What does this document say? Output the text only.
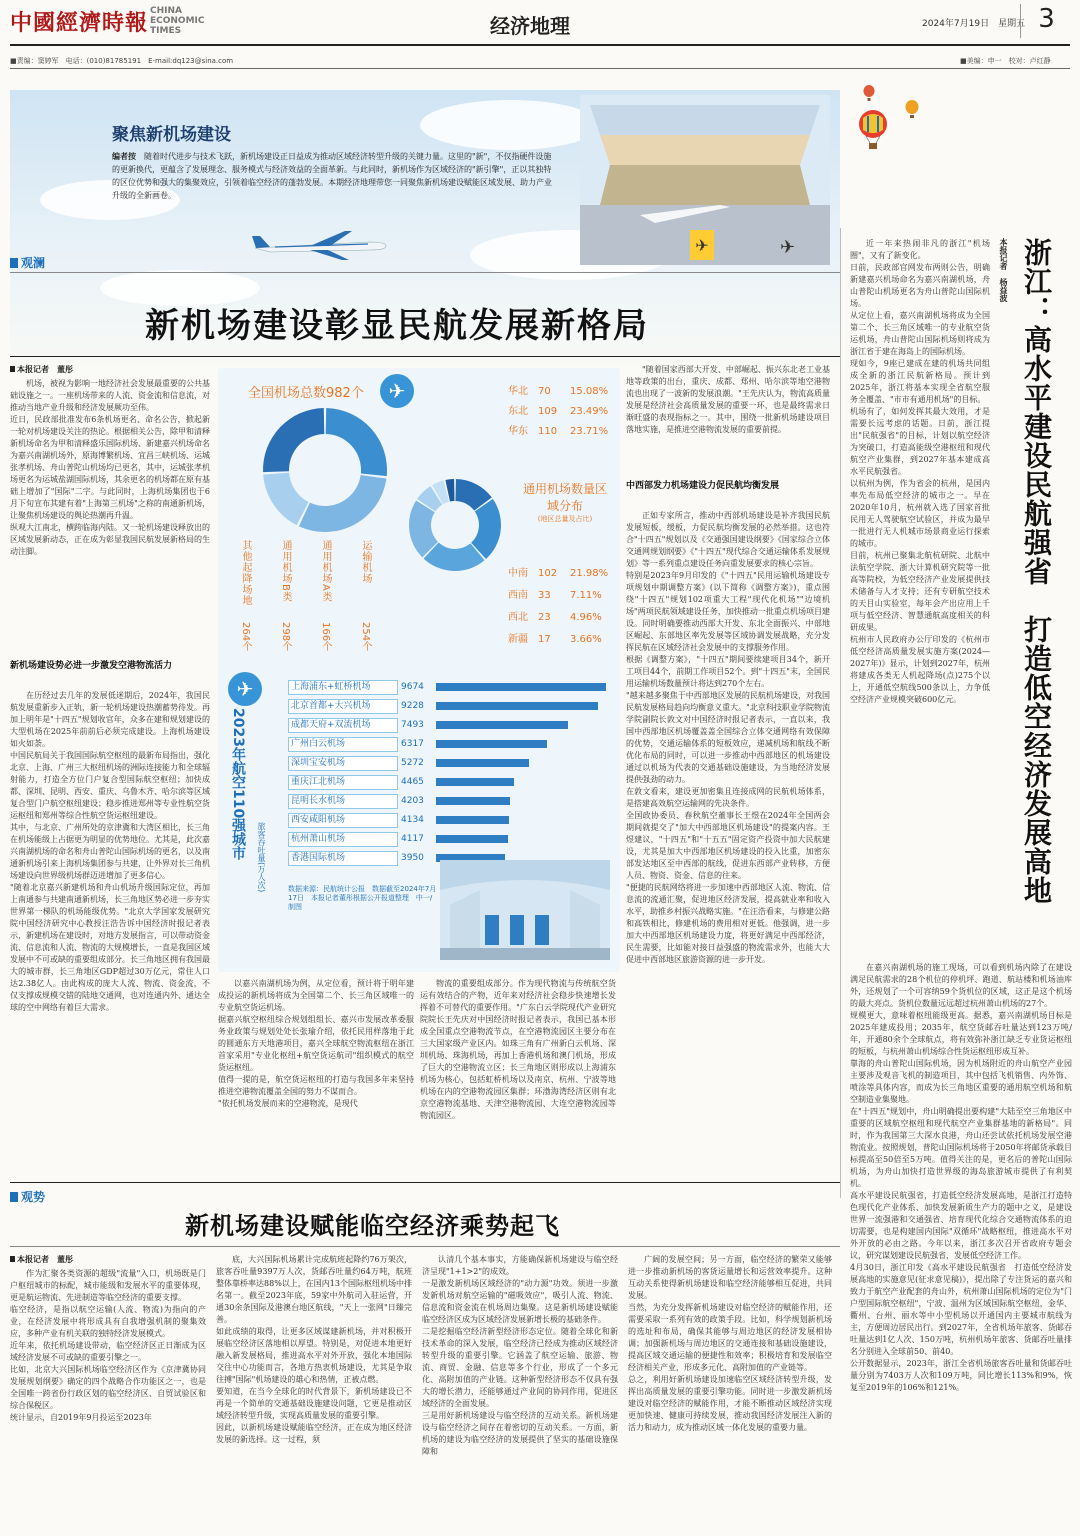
中國經濟時報 CHINA
ECONOMIC
TIMES	经济地理	2024年7月19日　星期五 3
■责编：窦婷军　电话：(010)81785191　E-mail:dq123@sina.com	■美编：申一　校对：卢红静
聚焦新机场建设
编者按　 随着时代进步与技术飞跃，新机场建设正日益成为推动区域经济转型升级的关键力量。这里的"新"，不仅指硬件设施的更新换代，更蕴含了发展理念、服务模式与经济效益的全面革新。与此同时，新机场作为区域经济的"新引擎"，正以其独特的区位优势和强大的集聚效应，引领着临空经济的蓬勃发展。本期经济地理带您一同聚焦新机场建设赋能区域发展、助力产业升级的全新画卷。
✈	✈
观澜
新机场建设彰显民航发展新格局
本报记者　董彤
机场，被视为影响一地经济社会发展最重要的公共基础设施之一。一座机场带来的人流、资金流和信息流，对推动当地产业升级和经济发展厥功至伟。
近日，民政部批准发布6条机场更名、命名公告，掀起新一轮对机场建设关注的热论。根据相关公告，除甲和清释新机场命名为甲和清释盛乐国际机场、新建嘉兴机场命名为嘉兴南湖机场外，原海博繁机场、宜昌三峡机场、运城张孝机场、舟山普陀山机场均已更名，其中，运城张孝机场更名为运城盐湖国际机场，其余更名的机场都在原有基础上增加了"国际"二字。与此同时，上海机场集团也于6月下旬宣布其建有着"上海第三机场"之称的南通新机场，让聚焦机场建设的舆论热潮再升温。
纵观大江南北，横跨临海内陆。又一轮机场建设释放出的区域发展新动态，正在成为彰显我国民航发展新格局的生动注脚。
新机场建设势必进一步激发空港物流活力
在历经过去几年的发展低迷期后，2024年，我国民航发展重新步入正轨，新一轮机场建设热潮蓄势待发。再加上明年是"十四五"规划收官年，众多在建和规划建设的大型机场在2025年前前后必须完成建设。上海机场建设如火如荼。
中国民航局关于我国国际航空枢纽的最新布局指出，强化北京、上海、广州三大枢纽机场的洲际连接能力和全球辐射能力，打造全方位门户复合型国际航空枢纽；加快成都、深圳、昆明、西安、重庆、乌鲁木齐、哈尔滨等区域复合型门户航空枢纽建设；稳步推进郑州等专业性航空货运枢纽和郑州等综合性航空货运枢纽建设。
其中，与北京、广州所处的京津冀和大湾区相比，长三角在机场能级上占据更为明显的优势地位。尤其是，此次嘉兴南湖机场的命名和舟山普陀山国际机场的更名，以及南通新机场引来上海机场集团参与共建，让外界对长三角机场建设向世界级机场群迈进增加了更多信心。
"随着北京嘉兴新建机场和舟山机场升级国际定位，再加上南通参与共建南通新机场，长三角地区势必进一步夯实世界第一梯队的机场能级优势。"北京大学国家发展研究院中国经济研究中心教授汪浩告诉中国经济时报记者表示，新建机场在建设时，对地方发展指言，可以带动资金流、信息流和人流、物流的大规模增长，一直是我国区域发展中不可或缺的重要组成部分。长三角地区拥有我国最大的城市群，长三角地区GDP超过30万亿元，常住人口达2.38亿人。由此构成的庞大人流、物流、资金流，不仅支撑成规模交错的陆地交通网，也对连通内外、通达全球的空中网络有着巨大需求。
以嘉兴南湖机场为例，从定位看，预计将于明年建成投运的新机场将成为全国第二个、长三角区域唯一的专业航空货运机场。
据嘉兴航空枢纽综合规划组组长、嘉兴市发展改革委服务业政策与规划处处长张瑜介绍，依托民用样落地于此的圆通东方天地港项目，嘉兴全球航空物流枢纽在浙江首家采用"专业化枢纽+航空货运航司"组织模式的航空货运枢纽。
值得一提的是，航空货运枢纽的打造与我国多年来坚持推进空港物流覆盖全国的努力不谋而合。
"依托机场发展而来的空港物流，是现代
物流的重要组成部分。作为现代物流与传统航空货运有效结合的产物，近年来对经济社会稳步快速增长发挥着不可替代的重要作用。"广东白云学院现代产业研究院院长王先庆对中国经济时报记者表示，我国已基本形成全国重点空港物流节点，在空港物流园区主要分布在三大国家级产业区内。如珠三角有广州新白云机场、深圳机场、珠海机场，再加上香港机场和澳门机场，形成了巨大的空港物流立区；长三角地区则形成以上海浦东机场为核心，包括虹桥机场以及南京、杭州、宁波等地机场在内的空港物流园区集群；环渤海湾经济区则有北京空港物流基地、天津空港物流园、大连空港物流园等物流园区。
"随着国家西部大开发、中部崛起、振兴东北老工业基地等政策的出台，重庆、成都、郑州、哈尔滨等地空港物流也出现了一波新的发展浪潮。"王先庆认为，物流高质量发展是经济社会高质量发展的重要一环，也是最终需求日渐旺盛的表现指标之一。其中，围绕一批新机场建设项目落地实施，是推进空港物流发展的重要前提。
中西部发力机场建设力促民航均衡发展
正如专家所言，推动中西部机场建设是补齐我国民航发展短板，缓板，力促民航均衡发展的必然举措。这也符合"十四五"规划以及《交通强国建设纲要》《国家综合立体交通网规划纲要》《"十四五"现代综合交通运输体系发展规划》等一系列重点建设任务向重发展要求的核心宗旨。
特别是2023年9月印发的《"十四五"民用运输机场建设专项规划中期调整方案》(以下简称《调整方案》)，重点围绕"十四五"规划102项重大工程"现代化机场""边境机场"两项民航领域建设任务，加快推动一批重点机场项目建设。同时明确要推动西部大开发、东北全面振兴、中部地区崛起、东部地区率先发展等区域协调发展战略，充分发挥民航在区域经济社会发展中的支撑服务作用。
根据《调整方案》，"十四五"期间要续建项目34个，新开工项目44个，前期工作项目52个。到"十四五"末，全国民用运输机场数量预计将达到270个左右。
"越来越多聚焦于中西部地区发展的民航机场建设，对我国民航发展格局趋向均衡意义重大。"北京科技职业学院物流学院副院长敦文对中国经济时报记者表示，一直以来，我国中西部地区机场覆盖盖全国综合立体交通网络有效保障的优势，交通运输体系的短板效应，递减机场和航线不断优化布局的同时，可以进一步推动中西部地区的机场建设通过以机场为代表的交通基础设施建设，为当地经济发展提供强劲的动力。
在敦文看来，建设更加密集且连接成网的民航机场体系，是搭建高效航空运输网的先决条件。
全国政协委员、春秋航空董事长王煜在2024年全国两会期间就提交了"加大中西部地区机场建设"的提案内容。王煜建议，"十四五"和"十五五"固定资产投资中加大民航建设，尤其是加大中西部地区机场建设的投入比重，加密东部发达地区至中西部的航线，促进东西部产业转移，方便人员、物资、资金、信息的往来。
"便捷的民航网络将进一步加速中西部地区人流、物流、信息流的流通汇聚，促进地区经济发展，提高就业率和收入水平，助推乡村振兴战略实施。"在汪浩看来，与修建公路和高铁相比，修建机场的费用相对更低。他强调，进一步加大中西部地区机场建设力度，将更好满足中西部经济，民生需要，比如能对接日益强盛的物流需求外，也能大大促进中西部地区旅游资源的进一步开发。
全国机场总数982个	✈
✈
其他起降场地	通用机场B类	通用机场A类	运输机场
264个	298个	166个	254个
华北 70 15.08%
东北 109 23.49%
华东 110 23.71%
通用机场数量区域分布
(地区总量及占比)
中南 102 21.98%
西南 33 7.11%
西北 23 4.96%
新疆 17 3.66%
2023年航空110强城市 旅客吞吐量(万人次)
上海浦东+虹桥机场	9674
北京首都+大兴机场	9228
成都天府+双流机场	7493
广州白云机场	6317
深圳宝安机场	5272
重庆江北机场	4465
昆明长水机场	4203
西安咸阳机场	4134
杭州萧山机场	4117
香港国际机场	3950
数据来源：民航统计公报　数据截至2024年7月17日　本报记者董彤根据公开报道整理　中一/制图
浙江：高水平建设民航强省　打造低空经济发展高地
本报记者　杨益波
近一年来热闹非凡的浙江"机场圈"，又有了新变化。
日前，民政部官网发布两则公告，明确新建嘉兴机场命名为嘉兴南湖机场，舟山普陀山机场更名为舟山普陀山国际机场。
从定位上看，嘉兴南湖机场将成为全国第二个、长三角区域唯一的专业航空货运机场，舟山普陀山国际机场则将成为浙江省于建在海岛上的国际机场。
现如今，9座已建成在建的机场共同组成全新的浙江民航新格局。预计到2025年，浙江将基本实现全省航空服务全覆盖、"市市有通用机场"的目标。
机场有了，如何发挥其最大效用，才是需要长远考虑的话题。日前，浙江提出"民航强省"的目标，计划以航空经济为突破口，打造高能级空港枢纽和现代航空产业集群，到2027年基本建成高水平民航强省。
以杭州为例，作为省会的杭州，是国内率先布局低空经济的城市之一。早在2020年10月，杭州就入选了国家首批民用无人驾驶航空试验区，并成为最早一批进行无人机城市场景商业运行探索的城市。
目前，杭州已聚集北航杭研院、北航中法航空学院、浙大计算机研究院等一批高等院校，为低空经济产业发展提供技术储备与人才支持；还有专研航空技术的天目山实验室，每年会产出应用上千项与低空经济、智慧通航高度相关的科研成果。
杭州市人民政府办公厅印发的《杭州市低空经济高质量发展实施方案(2024—2027年)》显示，计划到2027年，杭州将建成各类无人机起降场(点)275个以上，开通低空航线500条以上，力争低空经济产业规模突破600亿元。
在嘉兴南湖机场的施工现场，可以看到机场内除了在建设满足民航需求的28个机位的停机坪、跑道、航站楼和机场油库外，还规划了一个可容纳59个货机位的区域，这正是这个机场的最大亮点。货机位数量远远超过杭州萧山机场的27个。
规模更大，意味着枢纽能级更高。据悉，嘉兴南湖机场目标是2025年建成投用；2035年，航空货邮吞吐量达到123万吨/年，开通80余个全球航点，将有效弥补浙江缺乏专业货运枢纽的短板，与杭州萧山机场综合性货运枢纽形成互补。
靠海的舟山普陀山国际机场，因为机场附近的舟山航空产业园主要涉及观音飞机的制造项目，其中包括飞机销售、内外饰、喷涂等具体内容，而成为长三角地区重要的通用航空机场和航空制造业集聚地。
在"十四五"规划中，舟山明确提出要构建"大陆至空三角地区中重要的区域航空枢纽和现代航空产业集群基地的新格局"。同时，作为我国第三大深水良港，舟山还尝试依托机场发展空港物流业。按照规划，普陀山国际机场将于2050年将邮货承载目标提高至50倍至5万吨。值得关注的是，更名后的普陀山国际机场，为舟山加快打造世界级的海岛旅游城市提供了有利契机。
高水平建设民航强省，打造低空经济发展高地，是浙江打造特色现代化产业体系、加快发展新质生产力的题中之义，是建设世界一流强港和交通强省、培育现代化综合交通物流体系的迫切需要，也是构建国内国际"双循环"战略枢纽，推进高水平对外开放的必由之路。今年以来，浙江多次召开省政府专题会议，研究谋划建设民航强省，发展低空经济工作。
4月30日，浙江印发《高水平建设民航强省　打造低空经济发展高地的实施意见(征求意见稿)》，提出除了专注货运的嘉兴和致力于航空产业配套的舟山外，杭州萧山国际机场的定位为"门户型国际航空枢纽"，宁波、温州为区域国际航空枢纽，金华、衢州、台州、丽水等中小型机场以开通国内主要城市航线为主，方便周边居民出行。到2027年，全省机场年旅客、货邮吞吐量达到1亿人次、150万吨，杭州机场年旅客、货邮吞吐量排名分别进入全球前50、前40。
公开数据显示，2023年，浙江全省机场旅客吞吐量和货邮吞吐量分别为7403万人次和109万吨，同比增长113%和9%，恢复至2019年的106%和121%。
观势
新机场建设赋能临空经济乘势起飞
本报记者　董彤
作为汇聚各类资源的超级"流量"入口，机场既是门户枢纽城市的标配，城市能级和发展水平的重要体现，更是航运物流、先进制造等临空经济的重要支撑。
临空经济，是指以航空运输(人流、物流)为指向的产业，在经济发展中将形成具有自我增强机制的聚集效应，多种产业有机关联的独特经济发展模式。
近年来，依托机场建设带动，临空经济区正日渐成为区域经济发展不可或缺的重要引擎之一。
比如，北京大兴国际机场临空经济区作为《京津冀协同发展规划纲要》确定的四个战略合作功能区之一，也是全国唯一跨省份行政区划的临空经济区、自贸试验区和综合保税区。
统计显示，自2019年9月投运至2023年
底，大兴国际机场累计完成航班起降约76万架次，旅客吞吐量9397万人次，货邮吞吐量约64万吨，航班整体靠桥率达88%以上，在国内13个国际枢纽机场中排名第一。截至2023年底，59家中外航司入驻运营，开通30余条国际及港澳台地区航线，"天上一张网"日臻完善。
如此成绩的取得，让更多区域谋建新机场，并对积极开展临空经济区落地相以厚望。特别是，对促进本地更好融入新发展格局，推进高水平对外开放，强化本地国际交往中心功能而言，各地方热衷机场建设，尤其是争取往搏"国际"机场建设的雄心和热情，正被点燃。
要知道，在当今全球化的时代背景下，新机场建设已不再是一个简单的交通基础设施建设问题，它更是推动区域经济转型升级，实现高质量发展的重要引擎。
因此，以新机场建设赋能临空经济，正在成为地区经济发展的新选择。这一过程，须
认清几个基本事实，方能确保新机场建设与临空经济呈现"1+1>2"的成效。
一是激发新机场区域经济的"动力源"功效。须进一步激发新机场对航空运输的"磁吸效应"，吸引人流、物流、信息流和资金流在机场周边集聚。这是新机场建设赋能临空经济区成为区域经济发展新增长极的基础条件。
二是挖掘临空经济新型经济形态定位。随着全球化和新技术革命的深入发展，临空经济已经成为推动区域经济转型升级的重要引擎。它涵盖了航空运输、旅游、物流、商贸、金融、信息等多个行业，形成了一个多元化、高附加值的产业链。这种新型经济形态不仅具有强大的增长潜力，还能够通过产业间的协同作用，促进区域经济的全面发展。
三是用好新机场建设与临空经济的互动关系。新机场建设与临空经济之间存在着密切的互动关系。一方面，新机场的建设为临空经济的发展提供了坚实的基础设施保障和
广阔的发展空间；另一方面，临空经济的繁荣又能够进一步推动新机场的客货运量增长和运营效率提升。这种互动关系使得新机场建设和临空经济能够相互促进，共同发展。
当然，为充分发挥新机场建设对临空经济的赋能作用，还需要采取一系列有效的政策手段。比如，科学规划新机场的选址和布局，确保其能够与周边地区的经济发展相协调；加强新机场与周边地区的交通连接和基础设施建设，提高区域交通运输的便捷性和效率；积极培育和发展临空经济相关产业，形成多元化、高附加值的产业链等。
总之，利用好新机场建设加速临空区域经济转型升级，发挥出高质量发展的重要引擎功能。同时进一步激发新机场建设对临空经济的赋能作用，才能不断推动区域经济实现更加快速、健康可持续发展，推动我国经济发展注入新的活力和动力，成为推动区域一体化发展的重要力量。
